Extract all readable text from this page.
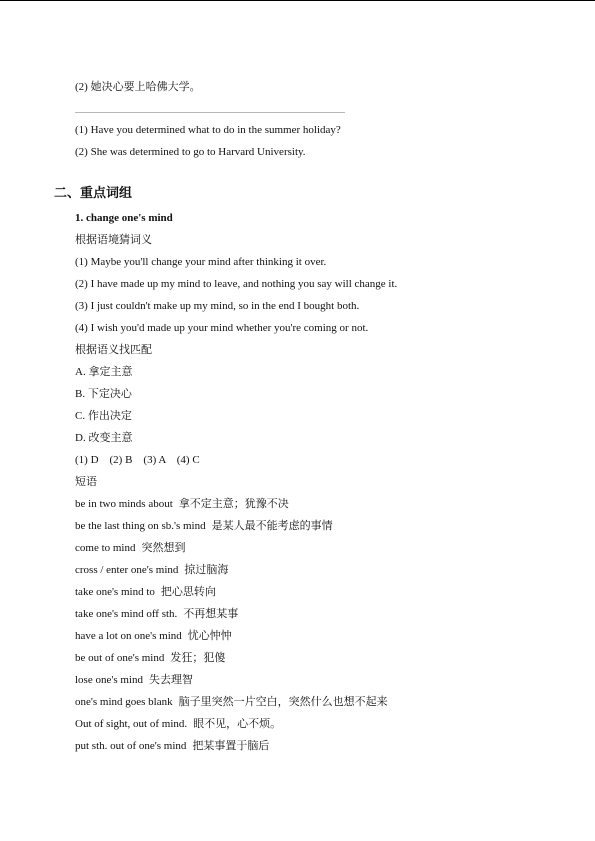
(2) 她决心要上哈佛大学。
(1) Have you determined what to do in the summer holiday?
(2) She was determined to go to Harvard University.
二、重点词组
1. change one's mind
根据语境猜词义
(1) Maybe you'll change your mind after thinking it over.
(2) I have made up my mind to leave, and nothing you say will change it.
(3) I just couldn't make up my mind, so in the end I bought both.
(4) I wish you'd made up your mind whether you're coming or not.
根据语义找匹配
A. 拿定主意
B. 下定决心
C. 作出决定
D. 改变主意
(1) D    (2) B    (3) A    (4) C
短语
be in two minds about 拿不定主意；犹豫不决
be the last thing on sb.'s mind 是某人最不能考虑的事情
come to mind 突然想到
cross / enter one's mind 掠过脑海
take one's mind to 把心思转向
take one's mind off sth. 不再想某事
have a lot on one's mind 忧心忡忡
be out of one's mind 发狂；犯傻
lose one's mind 失去理智
one's mind goes blank 脑子里突然一片空白，突然什么也想不起来
Out of sight, out of mind. 眼不见，心不烦。
put sth. out of one's mind 把某事置于脑后
